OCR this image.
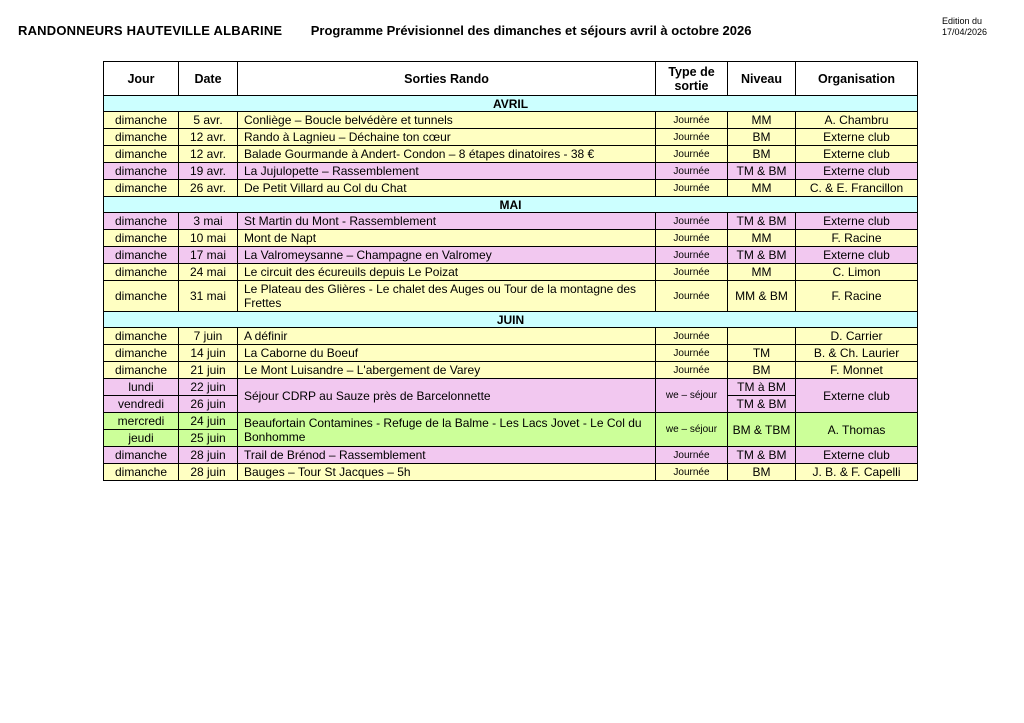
RANDONNEURS HAUTEVILLE ALBARINE Programme Prévisionnel des dimanches et séjours avril à octobre 2026
Edition du
17/04/2026
Jour	Date	Sorties Rando	Type de sortie	Niveau	Organisation
AVRIL					
dimanche	5 avr.	Conliège – Boucle belvédère et tunnels	Journée	MM	A. Chambru
dimanche	12 avr.	Rando à Lagnieu – Déchaine ton cœur	Journée	BM	Externe club
dimanche	12 avr.	Balade Gourmande à Andert- Condon – 8 étapes dinatoires - 38 €	Journée	BM	Externe club
dimanche	19 avr.	La Jujulopette – Rassemblement	Journée	TM & BM	Externe club
dimanche	26 avr.	De Petit Villard au Col du Chat	Journée	MM	C. & E. Francillon
MAI					
dimanche	3 mai	St Martin du Mont - Rassemblement	Journée	TM & BM	Externe club
dimanche	10 mai	Mont de Napt	Journée	MM	F. Racine
dimanche	17 mai	La Valromeysanne – Champagne en Valromey	Journée	TM & BM	Externe club
dimanche	24 mai	Le circuit des écureuils depuis Le Poizat	Journée	MM	C. Limon
dimanche	31 mai	Le Plateau des Glières - Le chalet des Auges ou Tour de la montagne des Frettes	Journée	MM & BM	F. Racine
JUIN					
dimanche	7 juin	A définir	Journée		D. Carrier
dimanche	14 juin	La Caborne du Boeuf	Journée	TM	B. & Ch. Laurier
dimanche	21 juin	Le Mont Luisandre – L'abergement de Varey	Journée	BM	F. Monnet
lundi	22 juin	Séjour CDRP au Sauze près de Barcelonnette	we – séjour	TM à BM	Externe club
vendredi	26 juin			TM & BM	
mercredi	24 juin	Beaufortain Contamines - Refuge de la Balme - Les Lacs Jovet - Le Col du Bonhomme	we – séjour	BM & TBM	A. Thomas
jeudi	25 juin				
dimanche	28 juin	Trail de Brénod – Rassemblement	Journée	TM & BM	Externe club
dimanche	28 juin	Bauges – Tour St Jacques – 5h	Journée	BM	J. B. & F. Capelli
